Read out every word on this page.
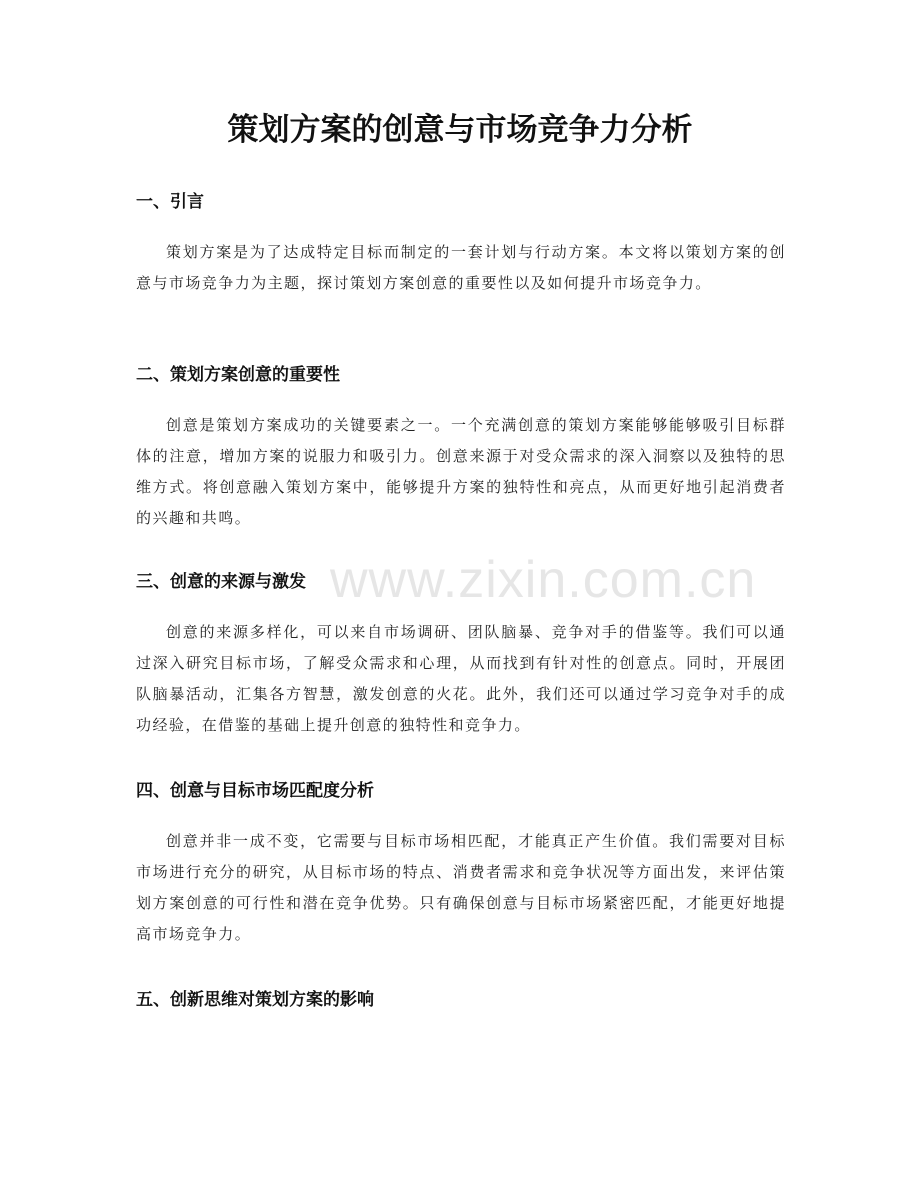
策划方案的创意与市场竞争力分析
一、引言

策划方案是为了达成特定目标而制定的一套计划与行动方案。本文将以策划方案的创意与市场竞争力为主题，探讨策划方案创意的重要性以及如何提升市场竞争力。

二、策划方案创意的重要性

创意是策划方案成功的关键要素之一。一个充满创意的策划方案能够能够吸引目标群体的注意，增加方案的说服力和吸引力。创意来源于对受众需求的深入洞察以及独特的思维方式。将创意融入策划方案中，能够提升方案的独特性和亮点，从而更好地引起消费者的兴趣和共鸣。

三、创意的来源与激发

创意的来源多样化，可以来自市场调研、团队脑暴、竞争对手的借鉴等。我们可以通过深入研究目标市场，了解受众需求和心理，从而找到有针对性的创意点。同时，开展团队脑暴活动，汇集各方智慧，激发创意的火花。此外，我们还可以通过学习竞争对手的成功经验，在借鉴的基础上提升创意的独特性和竞争力。

四、创意与目标市场匹配度分析

创意并非一成不变，它需要与目标市场相匹配，才能真正产生价值。我们需要对目标市场进行充分的研究，从目标市场的特点、消费者需求和竞争状况等方面出发，来评估策划方案创意的可行性和潜在竞争优势。只有确保创意与目标市场紧密匹配，才能更好地提高市场竞争力。

五、创新思维对策划方案的影响

www.zixin.com.cn
